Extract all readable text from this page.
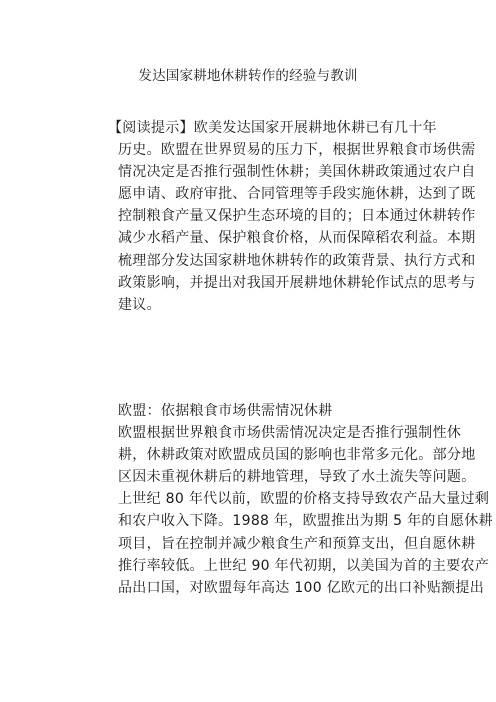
发达国家耕地休耕转作的经验与教训
【阅读提示】欧美发达国家开展耕地休耕已有几十年
历史。欧盟在世界贸易的压力下，根据世界粮食市场供需
情况决定是否推行强制性休耕；美国休耕政策通过农户自
愿申请、政府审批、合同管理等手段实施休耕，达到了既
控制粮食产量又保护生态环境的目的；日本通过休耕转作
减少水稻产量、保护粮食价格，从而保障稻农利益。本期
梳理部分发达国家耕地休耕转作的政策背景、执行方式和
政策影响，并提出对我国开展耕地休耕轮作试点的思考与
建议。
欧盟：依据粮食市场供需情况休耕
欧盟根据世界粮食市场供需情况决定是否推行强制性休
耕，休耕政策对欧盟成员国的影响也非常多元化。部分地
区因未重视休耕后的耕地管理，导致了水土流失等问题。
上世纪 80 年代以前，欧盟的价格支持导致农产品大量过剩
和农户收入下降。1988 年，欧盟推出为期 5 年的自愿休耕
项目，旨在控制并减少粮食生产和预算支出，但自愿休耕
推行率较低。上世纪 90 年代初期，以美国为首的主要农产
品出口国，对欧盟每年高达 100 亿欧元的出口补贴额提出
